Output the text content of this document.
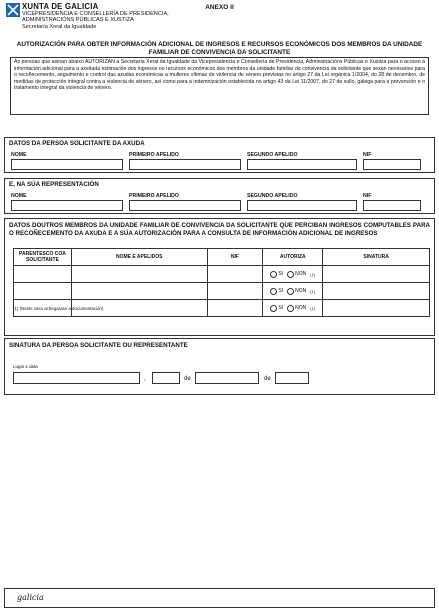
XUNTA DE GALICIA
VICEPRESIDENCIA E CONSELLERÍA DE PRESIDENCIA,
ADMINISTRACIÓNS PÚBLICAS E XUSTIZA
Secretaría Xeral da Igualdade
ANEXO II
AUTORIZACIÓN PARA OBTER INFORMACIÓN ADICIONAL DE INGRESOS E RECURSOS ECONÓMICOS DOS MEMBROS DA UNIDADE
FAMILIAR DE CONVIVENCIA DA SOLICITANTE
As persoas que asinan abaixo AUTORIZAN a Secretaría Xeral da Igualdade da Vicepresidencia e Consellería de Presidencia, Administracións Públicas e Xustiza para o acceso á información adicional para a axeitada estimación dos ingresos ou recursos económicos dos membros da unidade familiar de convivencia da solicitante que sexan necesarios para o recoñecemento, seguimento e control das axudas económicas a mulleres vítimas de violencia de xénero previstas no artigo 27 da Lei orgánica 1/2004, do 28 de decembro, de medidas de protección integral contra a violencia de xénero, así como para a indemnización establecida no artigo 43 da Lei 11/2007, do 27 de xullo, galega para a prevención e o tratamento integral da violencia de xénero.
DATOS DA PERSOA SOLICITANTE DA AXUDA
NOME	PRIMEIRO APELIDO	SEGUNDO APELIDO	NIF
E, NA SÚA REPRESENTACIÓN
NOME	PRIMEIRO APELIDO	SEGUNDO APELIDO	NIF
DATOS DOUTROS MEMBROS DA UNIDADE FAMILIAR DE CONVIVENCIA DA SOLICITANTE QUE PERCIBAN INGRESOS COMPUTABLES PARA O RECOÑECEMENTO DA AXUDA E A SÚA AUTORIZACIÓN PARA A CONSULTA DE INFORMACIÓN ADICIONAL DE INGRESOS
PARENTESCO COA
SOLICITANTE	NOME E APELIDOS	NIF	AUTORIZA	SINATURA
			SI NON (1)	
			SI NON (1)	
			SI NON (1)	
(1) (Neste caso achegarase a documentación)
SINATURA DA PERSOA SOLICITANTE OU REPRESENTANTE
Lugar e data
,	de	de
galicia
